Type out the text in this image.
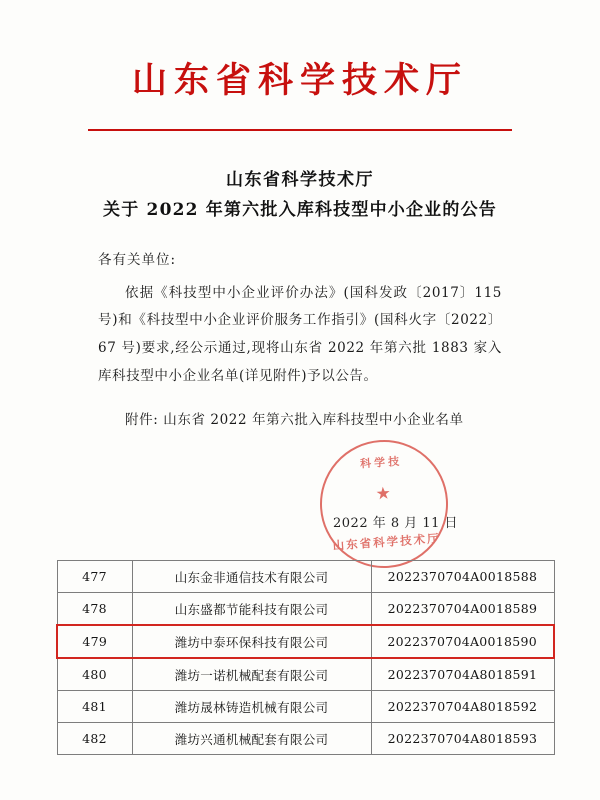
山东省科学技术厅
山东省科学技术厅
关于 2022 年第六批入库科技型中小企业的公告
各有关单位:
依据《科技型中小企业评价办法》(国科发政〔2017〕115 号)和《科技型中小企业评价服务工作指引》(国科火字〔2022〕67 号)要求,经公示通过,现将山东省 2022 年第六批 1883 家入库科技型中小企业名单(详见附件)予以公告。
附件: 山东省 2022 年第六批入库科技型中小企业名单
科学技
★
山东省科学技术厅
2022 年 8 月 11 日
477	山东金非通信技术有限公司	2022370704A0018588
478	山东盛都节能科技有限公司	2022370704A0018589
479	潍坊中泰环保科技有限公司	2022370704A0018590
480	潍坊一诺机械配套有限公司	2022370704A8018591
481	潍坊晟林铸造机械有限公司	2022370704A8018592
482	潍坊兴通机械配套有限公司	2022370704A8018593
